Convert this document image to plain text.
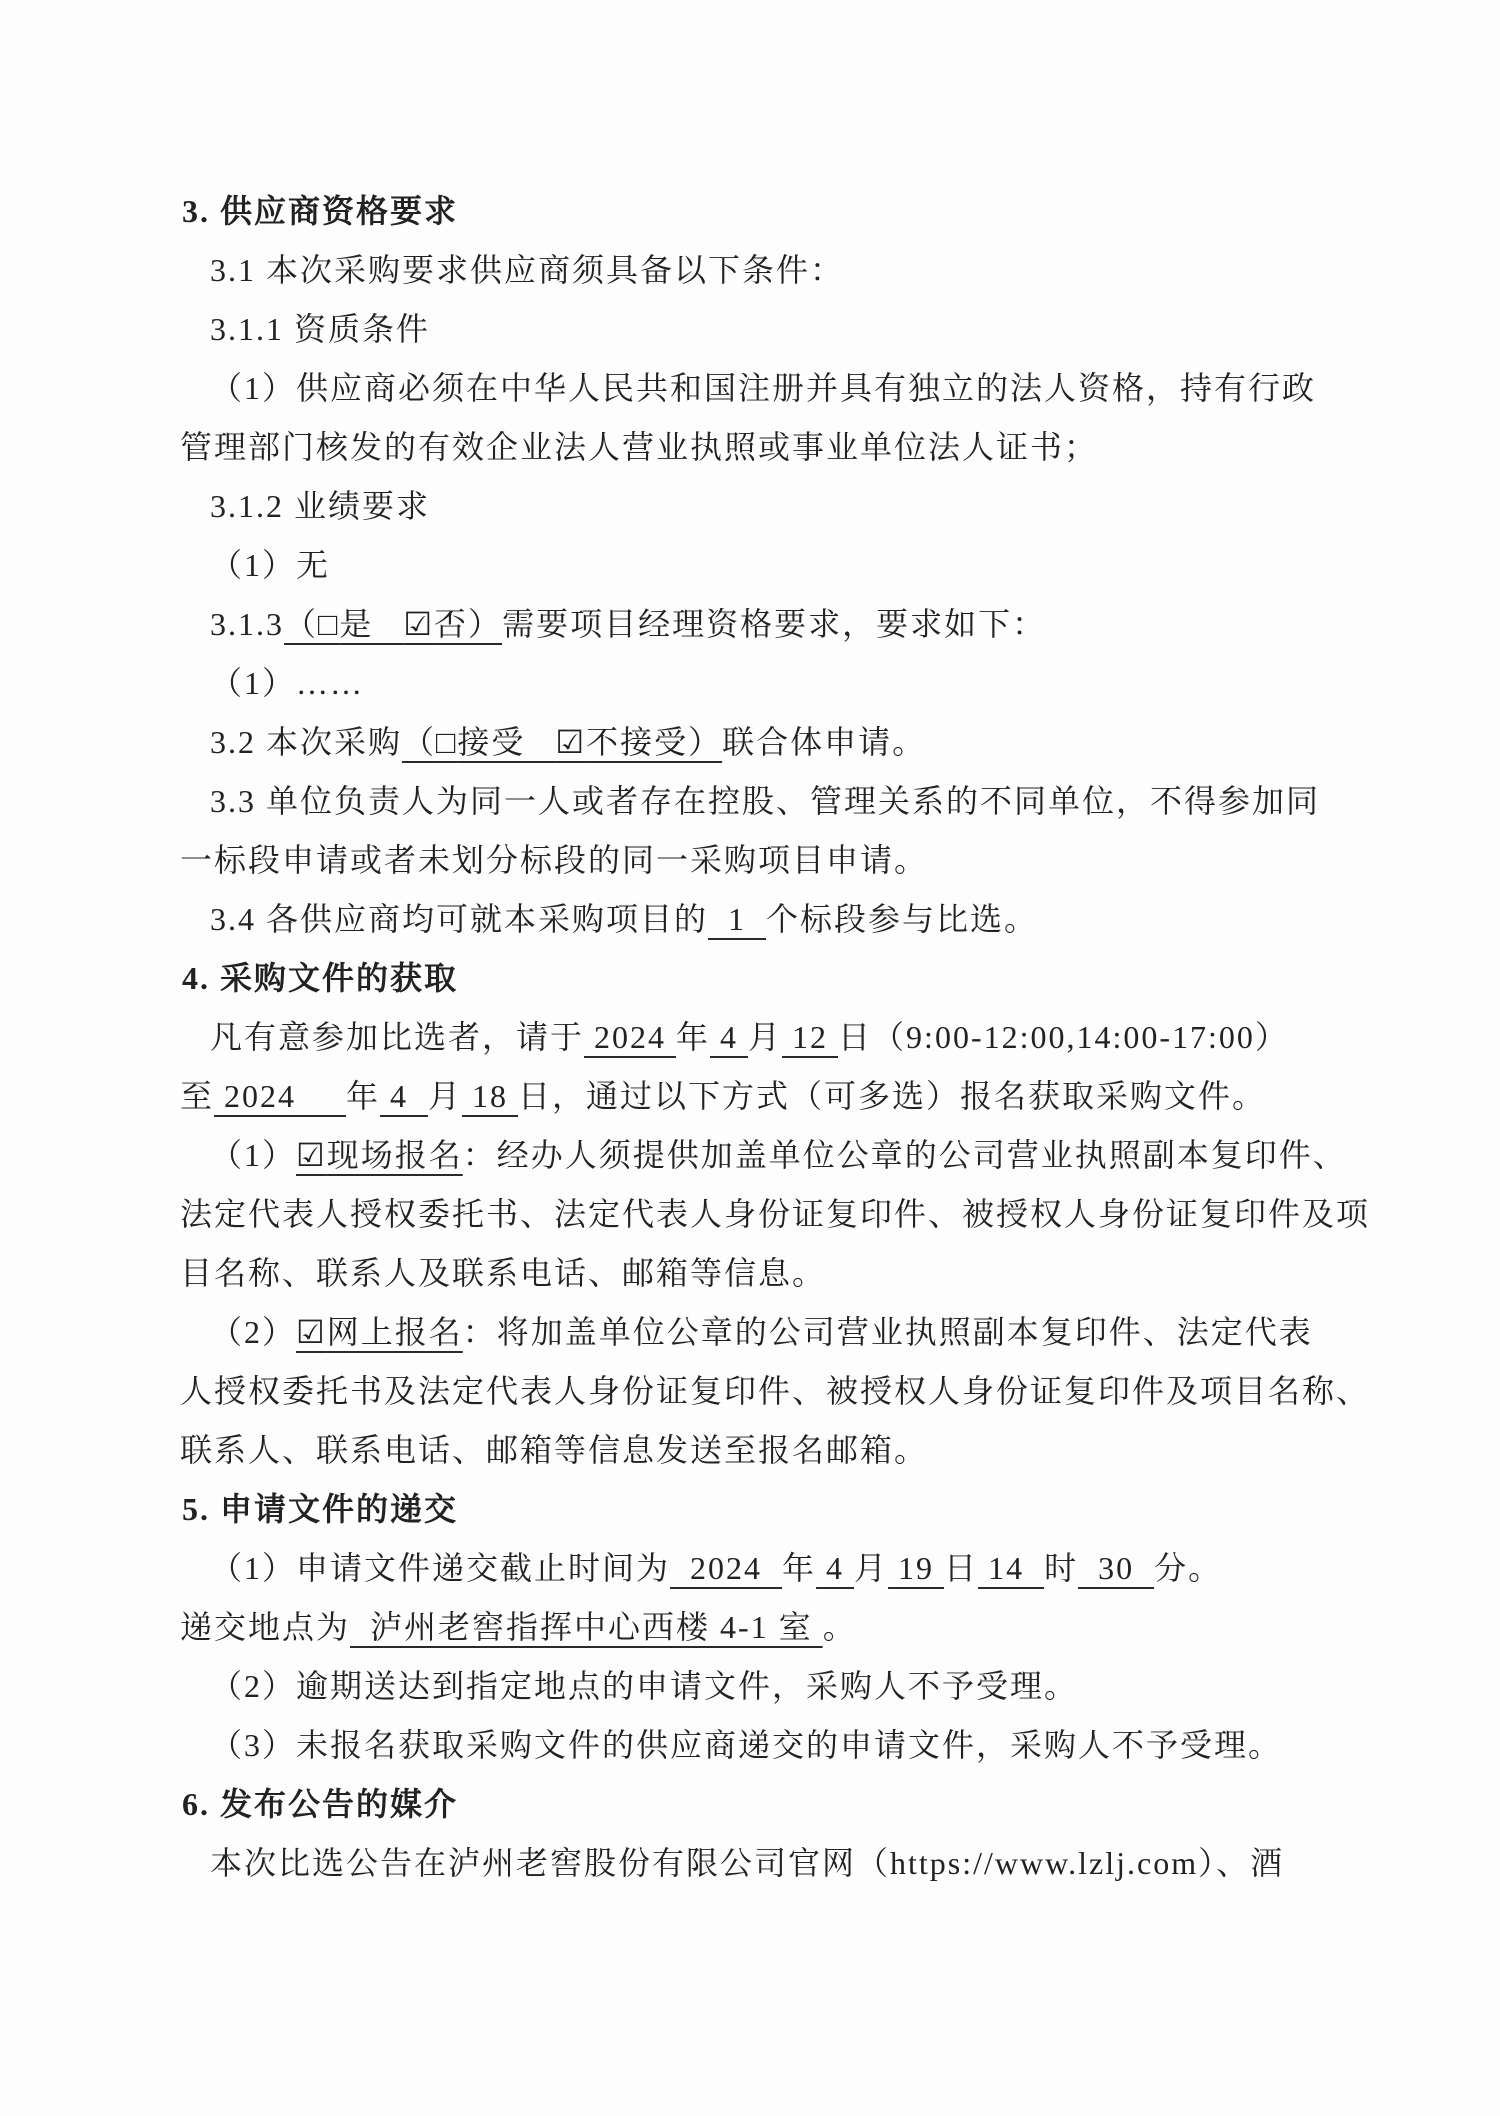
3. 供应商资格要求
3.1 本次采购要求供应商须具备以下条件：
3.1.1 资质条件
（1）供应商必须在中华人民共和国注册并具有独立的法人资格，持有行政
管理部门核发的有效企业法人营业执照或事业单位法人证书；
3.1.2 业绩要求
（1）无
3.1.3（□是   ☑否）需要项目经理资格要求，要求如下：
（1）……
3.2 本次采购（□接受   ☑不接受）联合体申请。
3.3 单位负责人为同一人或者存在控股、管理关系的不同单位，不得参加同
一标段申请或者未划分标段的同一采购项目申请。
3.4 各供应商均可就本采购项目的  1  个标段参与比选。
4. 采购文件的获取
凡有意参加比选者，请于 2024 年 4 月 12 日（9:00-12:00,14:00-17:00）
至 2024     年 4  月 18 日，通过以下方式（可多选）报名获取采购文件。
（1）☑现场报名：经办人须提供加盖单位公章的公司营业执照副本复印件、
法定代表人授权委托书、法定代表人身份证复印件、被授权人身份证复印件及项
目名称、联系人及联系电话、邮箱等信息。
（2）☑网上报名：将加盖单位公章的公司营业执照副本复印件、法定代表
人授权委托书及法定代表人身份证复印件、被授权人身份证复印件及项目名称、
联系人、联系电话、邮箱等信息发送至报名邮箱。
5. 申请文件的递交
（1）申请文件递交截止时间为  2024  年 4 月 19 日 14  时  30  分。
递交地点为  泸州老窖指挥中心西楼 4-1 室 。
（2）逾期送达到指定地点的申请文件，采购人不予受理。
（3）未报名获取采购文件的供应商递交的申请文件，采购人不予受理。
6. 发布公告的媒介
本次比选公告在泸州老窖股份有限公司官网（https://www.lzlj.com）、酒
